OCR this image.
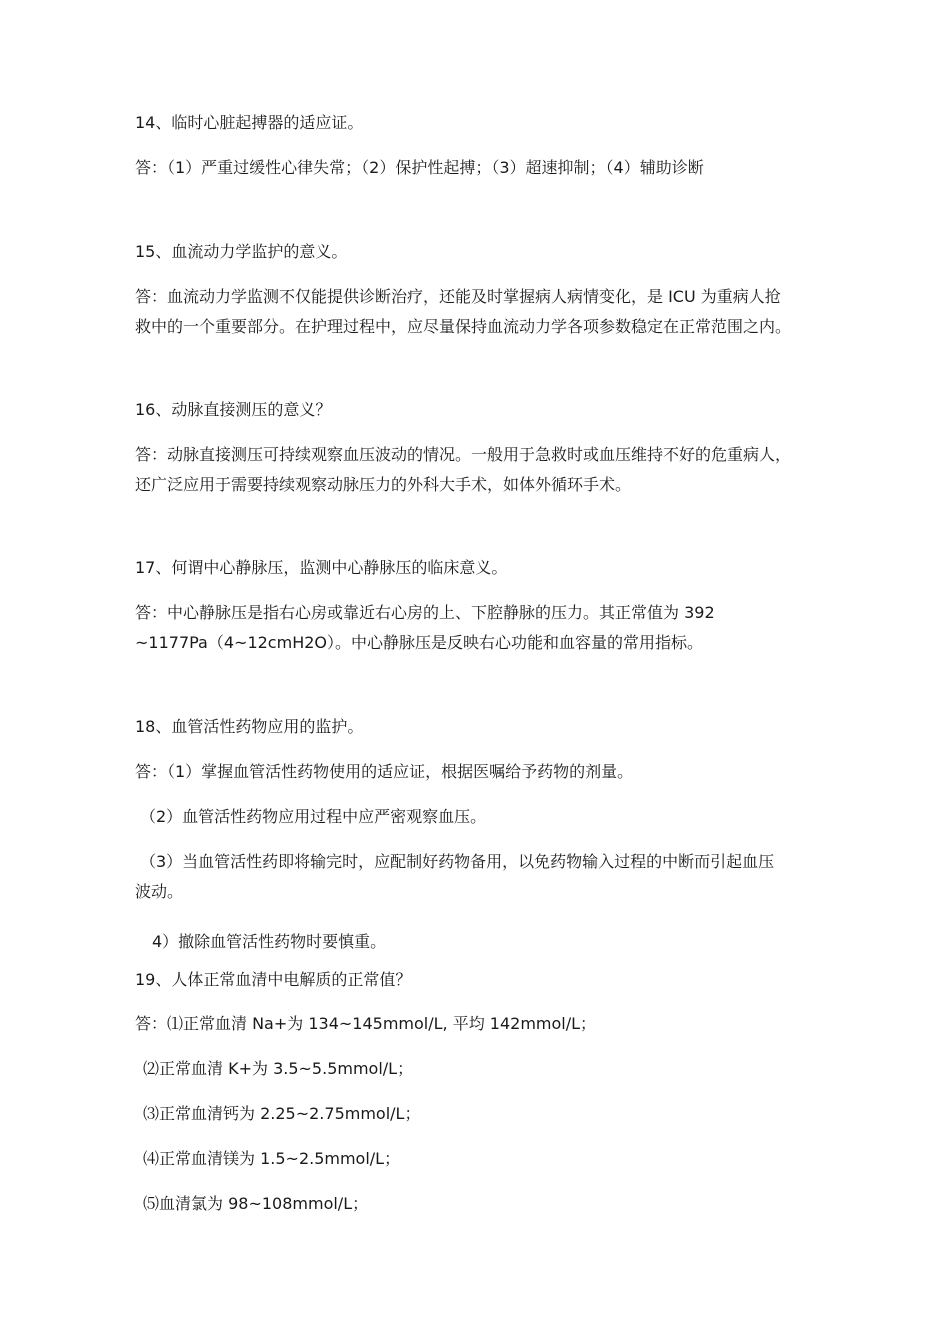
14、临时心脏起搏器的适应证。
答：（1）严重过缓性心律失常；（2）保护性起搏；（3）超速抑制；（4）辅助诊断
15、血流动力学监护的意义。
答：血流动力学监测不仅能提供诊断治疗，还能及时掌握病人病情变化，是 ICU 为重病人抢
救中的一个重要部分。在护理过程中，应尽量保持血流动力学各项参数稳定在正常范围之内。
16、动脉直接测压的意义？
答：动脉直接测压可持续观察血压波动的情况。一般用于急救时或血压维持不好的危重病人，
还广泛应用于需要持续观察动脉压力的外科大手术，如体外循环手术。
17、何谓中心静脉压，监测中心静脉压的临床意义。
答：中心静脉压是指右心房或靠近右心房的上、下腔静脉的压力。其正常值为 392
~1177Pa（4~12cmH2O）。中心静脉压是反映右心功能和血容量的常用指标。
18、血管活性药物应用的监护。
答：（1）掌握血管活性药物使用的适应证，根据医嘱给予药物的剂量。
（2）血管活性药物应用过程中应严密观察血压。
（3）当血管活性药即将输完时，应配制好药物备用，以免药物输入过程的中断而引起血压
波动。
4）撤除血管活性药物时要慎重。
19、人体正常血清中电解质的正常值？
答：⑴正常血清 Na+为 134~145mmol/L, 平均 142mmol/L；
⑵正常血清 K+为 3.5~5.5mmol/L；
⑶正常血清钙为 2.25~2.75mmol/L；
⑷正常血清镁为 1.5~2.5mmol/L；
⑸血清氯为 98~108mmol/L；
